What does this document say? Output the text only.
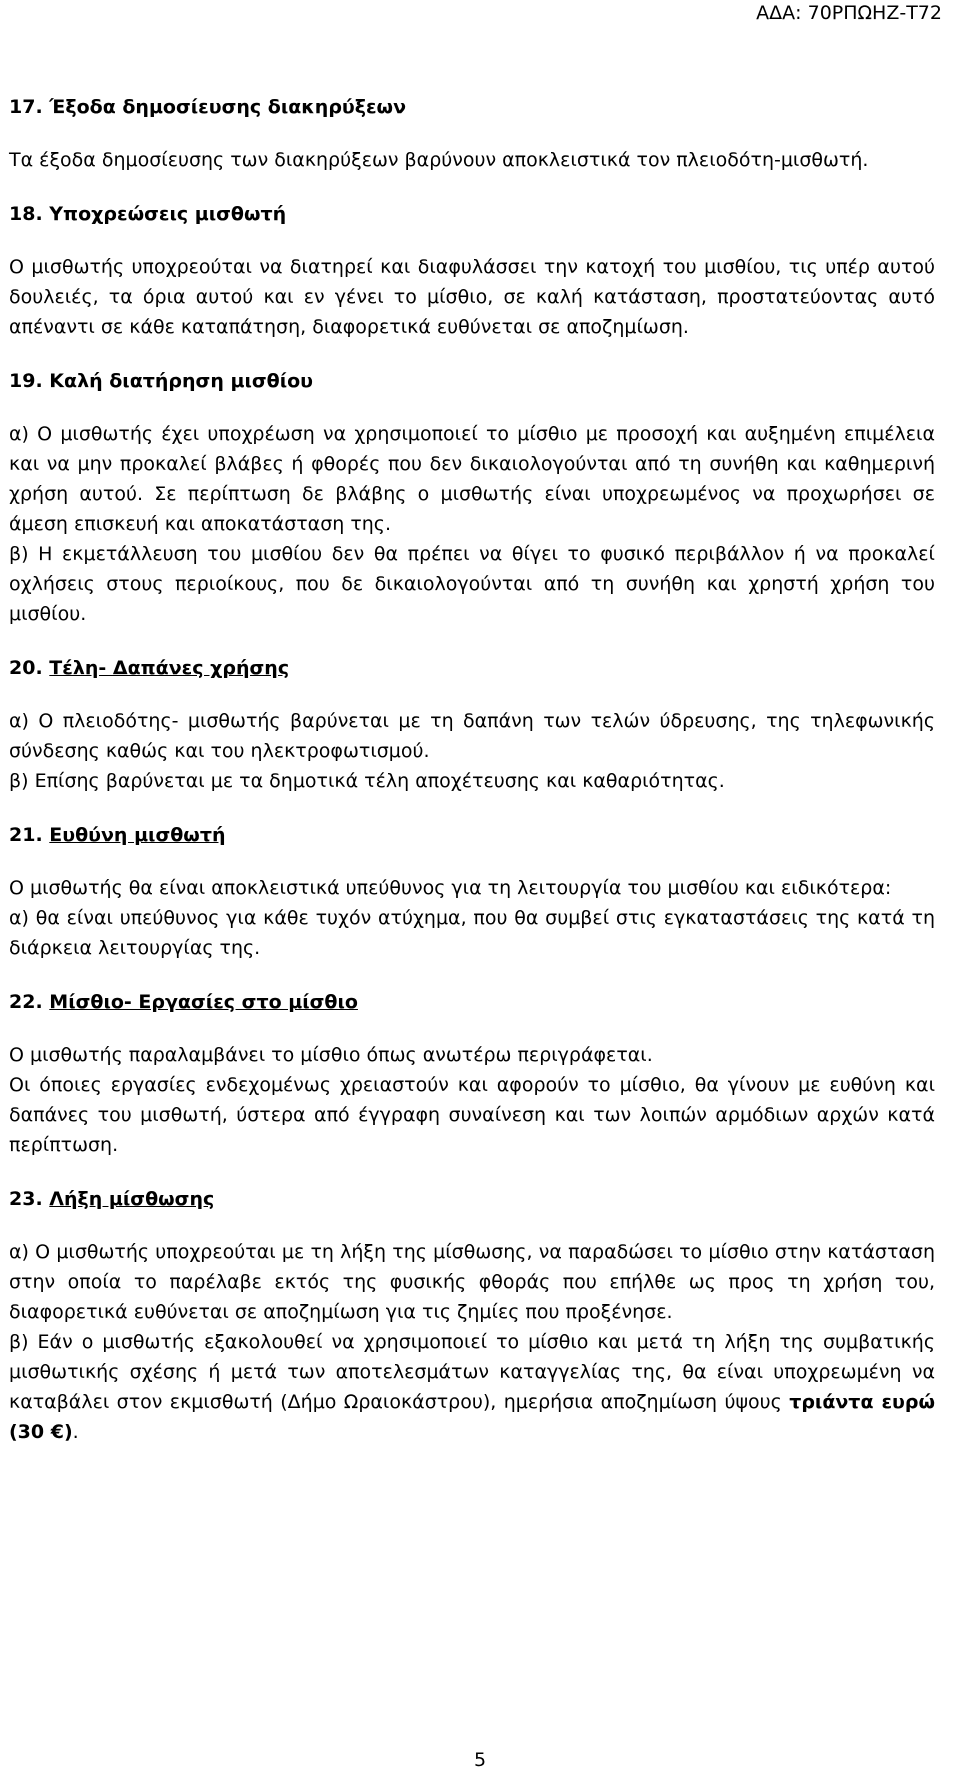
ΑΔΑ: 70ΡΠΩΗΖ-Τ72
17. Έξοδα δημοσίευσης διακηρύξεων

Τα έξοδα δημοσίευσης των διακηρύξεων βαρύνουν αποκλειστικά τον πλειοδότη-μισθωτή.

18. Υποχρεώσεις μισθωτή

Ο μισθωτής υποχρεούται να διατηρεί και διαφυλάσσει την κατοχή του μισθίου, τις υπέρ αυτού δουλειές, τα όρια αυτού και εν γένει το μίσθιο, σε καλή κατάσταση, προστατεύοντας αυτό απέναντι σε κάθε καταπάτηση, διαφορετικά ευθύνεται σε αποζημίωση.

19. Καλή διατήρηση μισθίου

α) Ο μισθωτής έχει υποχρέωση να χρησιμοποιεί το μίσθιο με προσοχή και αυξημένη επιμέλεια και να μην προκαλεί βλάβες ή φθορές που δεν δικαιολογούνται από τη συνήθη και καθημερινή χρήση αυτού. Σε περίπτωση δε βλάβης ο μισθωτής είναι υποχρεωμένος να προχωρήσει σε άμεση επισκευή και αποκατάσταση της.

β) Η εκμετάλλευση του μισθίου δεν θα πρέπει να θίγει το φυσικό περιβάλλον ή να προκαλεί οχλήσεις στους περιοίκους, που δε δικαιολογούνται από τη συνήθη και χρηστή χρήση του μισθίου.

20. Τέλη- Δαπάνες χρήσης

α) Ο πλειοδότης- μισθωτής βαρύνεται με τη δαπάνη των τελών ύδρευσης, της τηλεφωνικής σύνδεσης καθώς και του ηλεκτροφωτισμού.

β) Επίσης βαρύνεται με τα δημοτικά τέλη αποχέτευσης και καθαριότητας.

21. Ευθύνη μισθωτή

Ο μισθωτής θα είναι αποκλειστικά υπεύθυνος για τη λειτουργία του μισθίου και ειδικότερα:

α) θα είναι υπεύθυνος για κάθε τυχόν ατύχημα, που θα συμβεί στις εγκαταστάσεις της κατά τη διάρκεια λειτουργίας της.

22. Μίσθιο- Εργασίες στο μίσθιο

Ο μισθωτής παραλαμβάνει το μίσθιο όπως ανωτέρω περιγράφεται.

Οι όποιες εργασίες ενδεχομένως χρειαστούν και αφορούν το μίσθιο, θα γίνουν με ευθύνη και δαπάνες του μισθωτή, ύστερα από έγγραφη συναίνεση και των λοιπών αρμόδιων αρχών κατά περίπτωση.

23. Λήξη μίσθωσης

α) Ο μισθωτής υποχρεούται με τη λήξη της μίσθωσης, να παραδώσει το μίσθιο στην κατάσταση στην οποία το παρέλαβε εκτός της φυσικής φθοράς που επήλθε ως προς τη χρήση του, διαφορετικά ευθύνεται σε αποζημίωση για τις ζημίες που προξένησε.

β) Εάν ο μισθωτής εξακολουθεί να χρησιμοποιεί το μίσθιο και μετά τη λήξη της συμβατικής μισθωτικής σχέσης ή μετά των αποτελεσμάτων καταγγελίας της, θα είναι υποχρεωμένη να καταβάλει στον εκμισθωτή (Δήμο Ωραιοκάστρου), ημερήσια αποζημίωση ύψους τριάντα ευρώ (30 €).

5
